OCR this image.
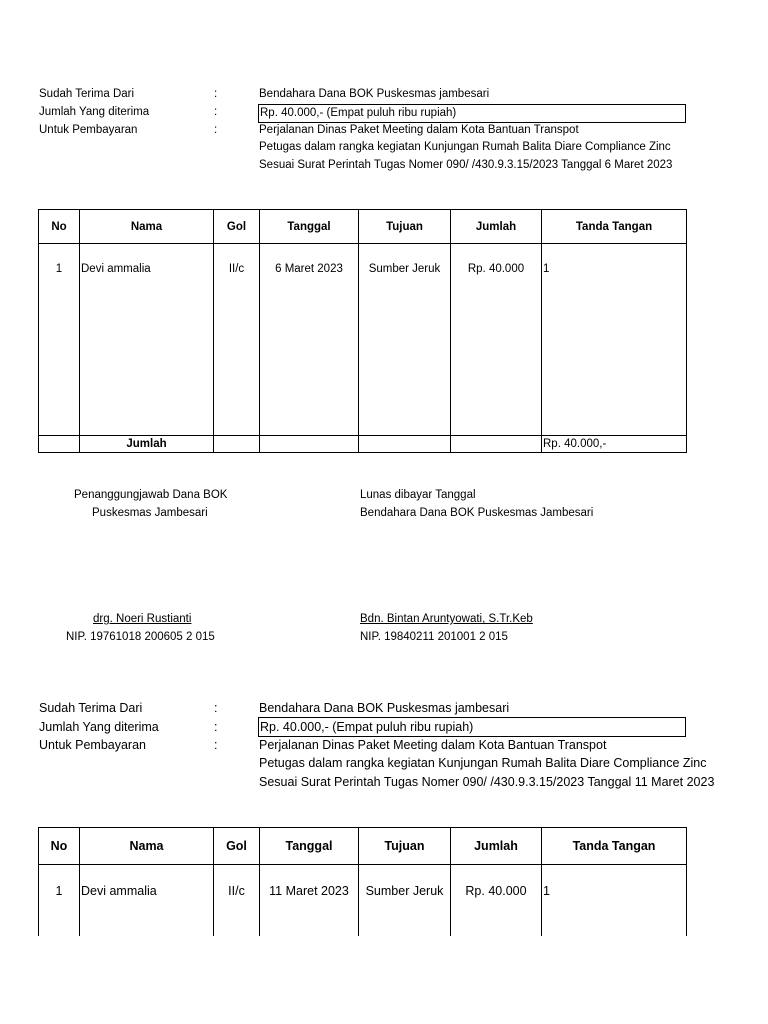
Sudah Terima Dari	:	Bendahara Dana BOK Puskesmas jambesari
Jumlah Yang diterima	:	Rp. 40.000,- (Empat puluh ribu rupiah)
Untuk Pembayaran	:	Perjalanan Dinas Paket Meeting dalam Kota Bantuan Transpot
Petugas dalam rangka kegiatan Kunjungan Rumah Balita Diare Compliance Zinc
Sesuai Surat Perintah Tugas Nomer 090/ /430.9.3.15/2023 Tanggal 6 Maret 2023
No	Nama	Gol	Tanggal	Tujuan	Jumlah	Tanda Tangan
1	Devi ammalia	II/c	6 Maret 2023	Sumber Jeruk	Rp. 40.000	1
	Jumlah					Rp. 40.000,-
Penanggungjawab Dana BOK
Puskesmas Jambesari
drg. Noeri Rustianti
NIP. 19761018 200605 2 015
Lunas dibayar Tanggal
Bendahara Dana BOK Puskesmas Jambesari
Bdn. Bintan Aruntyowati, S.Tr.Keb
NIP. 19840211 201001 2 015
Sudah Terima Dari	:	Bendahara Dana BOK Puskesmas jambesari
Jumlah Yang diterima	:	Rp. 40.000,- (Empat puluh ribu rupiah)
Untuk Pembayaran	:	Perjalanan Dinas Paket Meeting dalam Kota Bantuan Transpot
Petugas dalam rangka kegiatan Kunjungan Rumah Balita Diare Compliance Zinc
Sesuai Surat Perintah Tugas Nomer 090/ /430.9.3.15/2023 Tanggal 11 Maret 2023
No	Nama	Gol	Tanggal	Tujuan	Jumlah	Tanda Tangan
1	Devi ammalia	II/c	11 Maret 2023	Sumber Jeruk	Rp. 40.000	1
